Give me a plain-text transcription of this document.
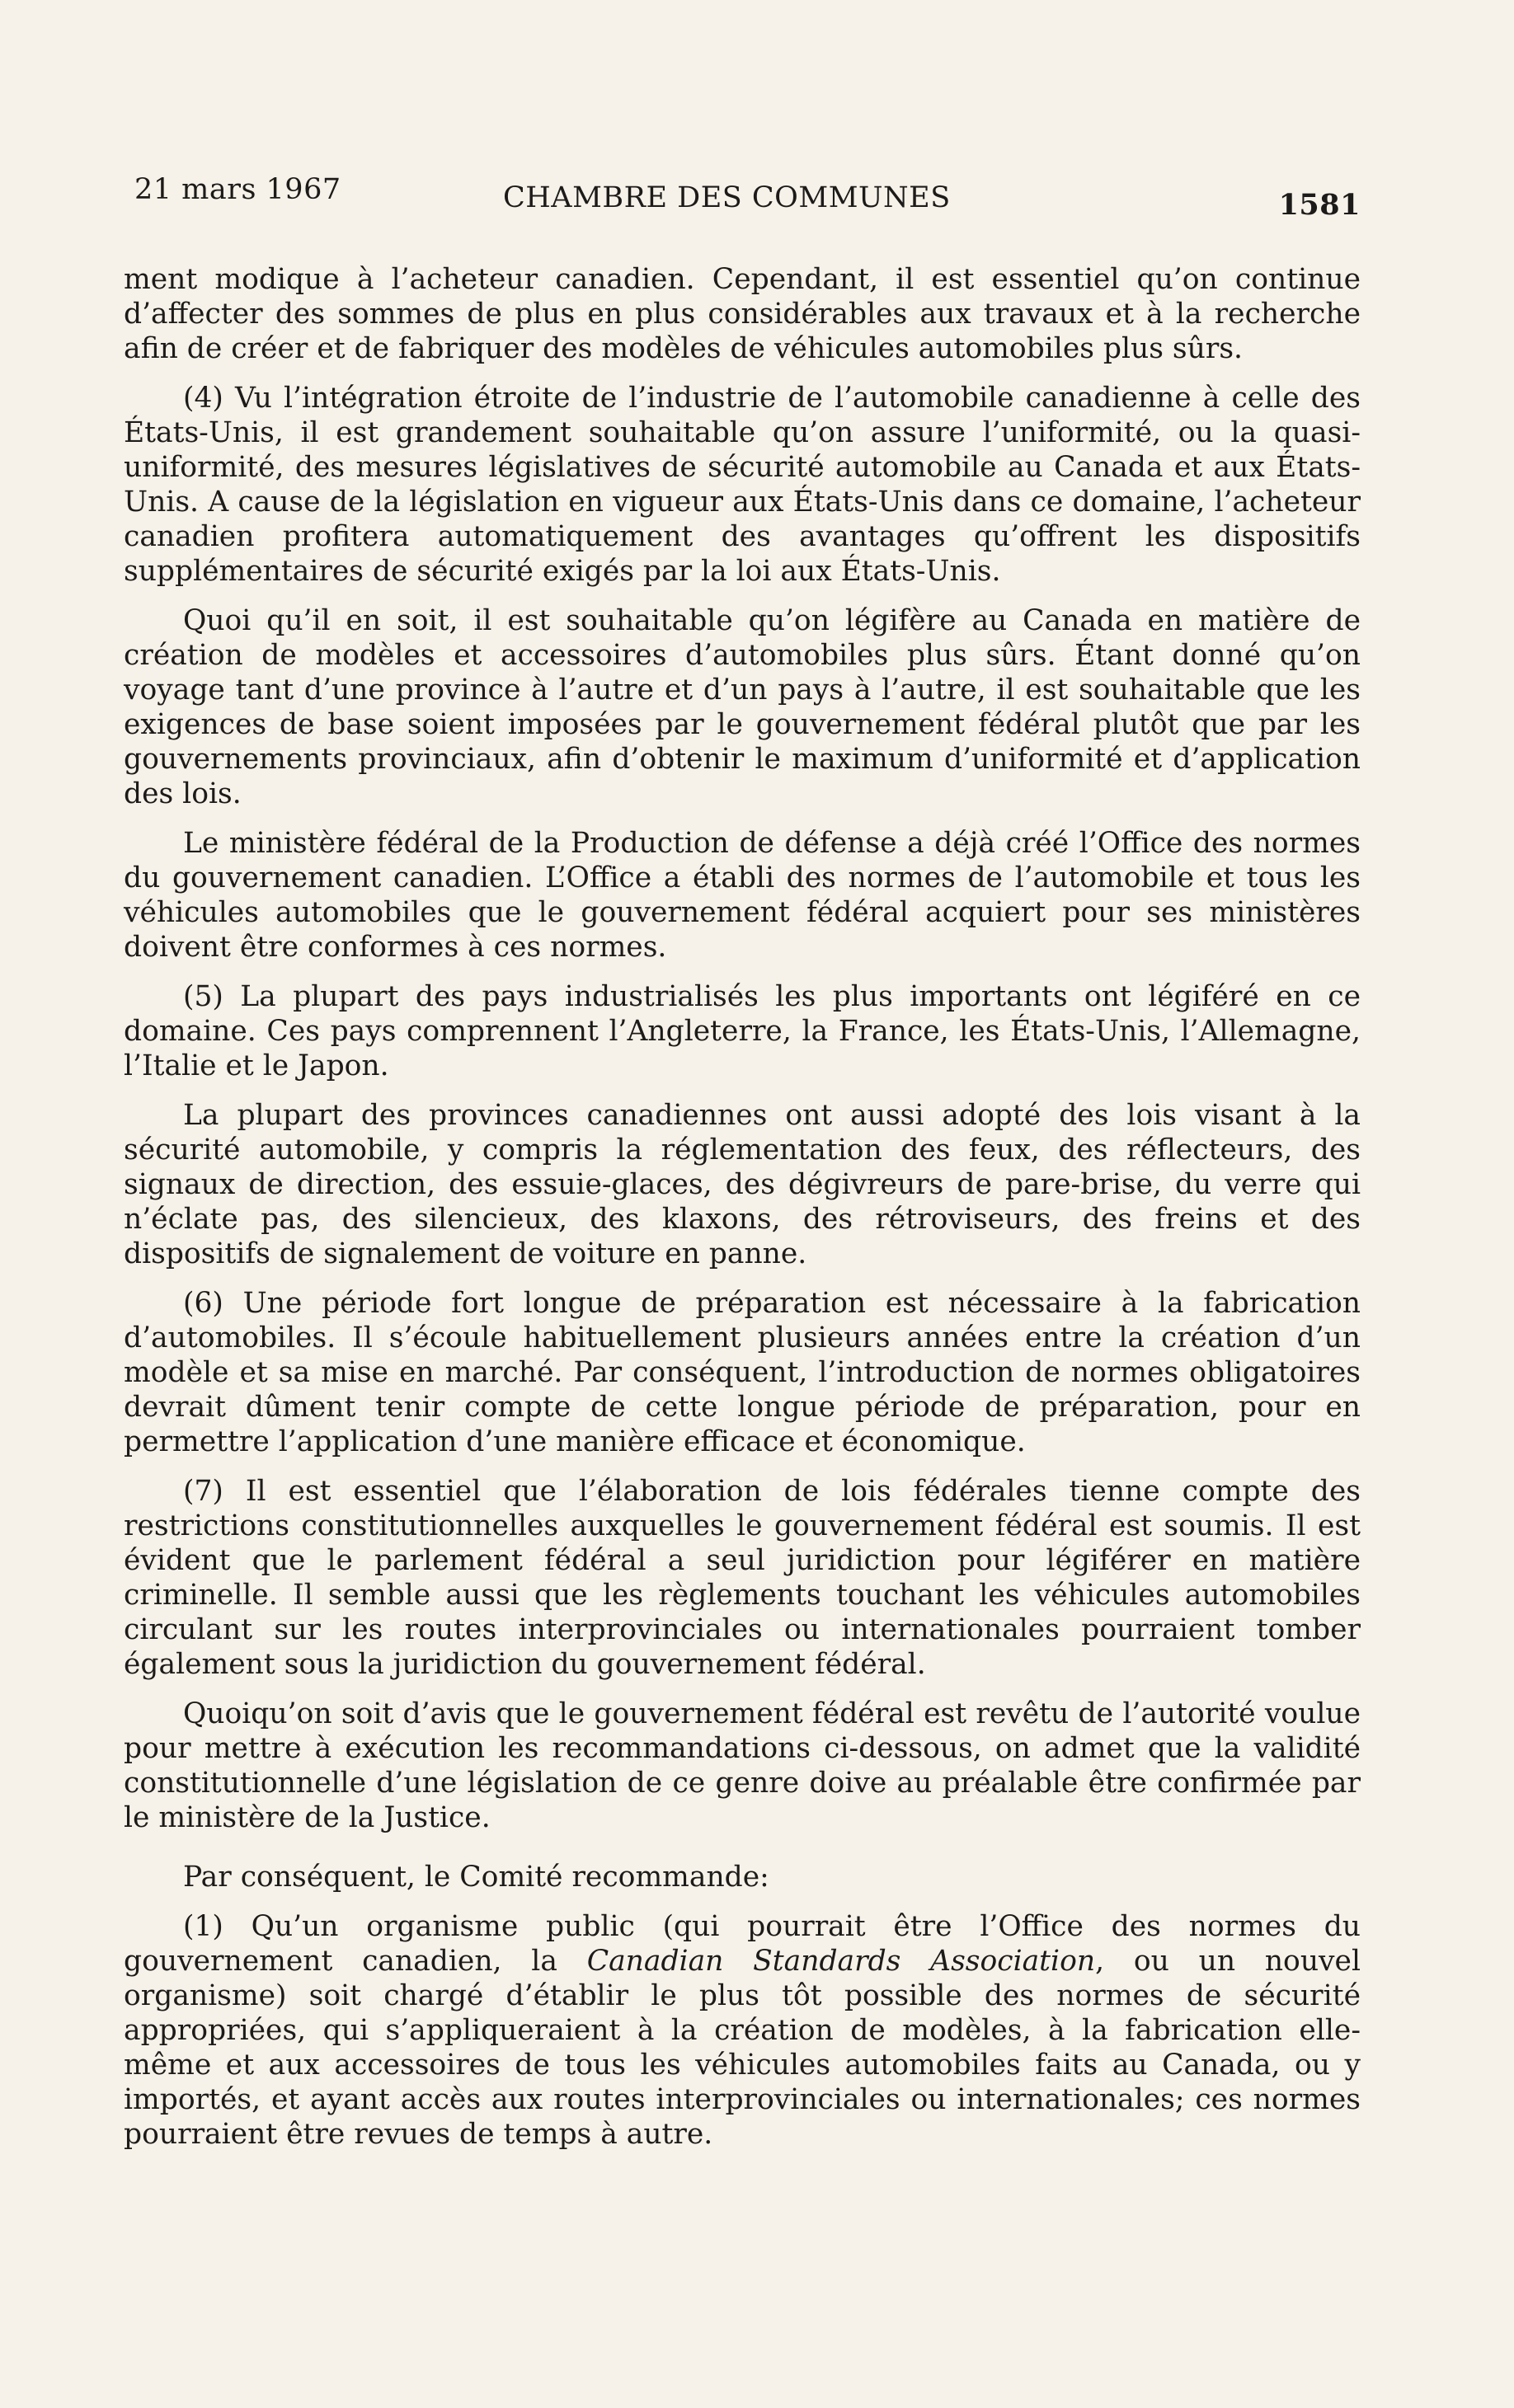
21 mars 1967	CHAMBRE DES COMMUNES	1581

ment modique à l’acheteur canadien. Cependant, il est essentiel qu’on continue d’affecter des sommes de plus en plus considérables aux travaux et à la recherche afin de créer et de fabriquer des modèles de véhicules automobiles plus sûrs.

(4) Vu l’intégration étroite de l’industrie de l’automobile canadienne à celle des États-Unis, il est grandement souhaitable qu’on assure l’uniformité, ou la quasi-uniformité, des mesures législatives de sécurité automobile au Canada et aux États-Unis. A cause de la législation en vigueur aux États-Unis dans ce domaine, l’acheteur canadien profitera automatiquement des avantages qu’offrent les dispositifs supplémentaires de sécurité exigés par la loi aux États-Unis.

Quoi qu’il en soit, il est souhaitable qu’on légifère au Canada en matière de création de modèles et accessoires d’automobiles plus sûrs. Étant donné qu’on voyage tant d’une province à l’autre et d’un pays à l’autre, il est souhaitable que les exigences de base soient imposées par le gouvernement fédéral plutôt que par les gouvernements provinciaux, afin d’obtenir le maximum d’uniformité et d’application des lois.

Le ministère fédéral de la Production de défense a déjà créé l’Office des normes du gouvernement canadien. L’Office a établi des normes de l’automobile et tous les véhicules automobiles que le gouvernement fédéral acquiert pour ses ministères doivent être conformes à ces normes.

(5) La plupart des pays industrialisés les plus importants ont légiféré en ce domaine. Ces pays comprennent l’Angleterre, la France, les États-Unis, l’Allemagne, l’Italie et le Japon.

La plupart des provinces canadiennes ont aussi adopté des lois visant à la sécurité automobile, y compris la réglementation des feux, des réflecteurs, des signaux de direction, des essuie-glaces, des dégivreurs de pare-brise, du verre qui n’éclate pas, des silencieux, des klaxons, des rétroviseurs, des freins et des dispositifs de signalement de voiture en panne.

(6) Une période fort longue de préparation est nécessaire à la fabrication d’automobiles. Il s’écoule habituellement plusieurs années entre la création d’un modèle et sa mise en marché. Par conséquent, l’introduction de normes obligatoires devrait dûment tenir compte de cette longue période de préparation, pour en permettre l’application d’une manière efficace et économique.

(7) Il est essentiel que l’élaboration de lois fédérales tienne compte des restrictions constitutionnelles auxquelles le gouvernement fédéral est soumis. Il est évident que le parlement fédéral a seul juridiction pour légiférer en matière criminelle. Il semble aussi que les règlements touchant les véhicules automobiles circulant sur les routes interprovinciales ou internationales pourraient tomber également sous la juridiction du gouvernement fédéral.

Quoiqu’on soit d’avis que le gouvernement fédéral est revêtu de l’autorité voulue pour mettre à exécution les recommandations ci-dessous, on admet que la validité constitutionnelle d’une législation de ce genre doive au préalable être confirmée par le ministère de la Justice.

Par conséquent, le Comité recommande:

(1) Qu’un organisme public (qui pourrait être l’Office des normes du gouvernement canadien, la Canadian Standards Association, ou un nouvel organisme) soit chargé d’établir le plus tôt possible des normes de sécurité appropriées, qui s’appliqueraient à la création de modèles, à la fabrication elle-même et aux accessoires de tous les véhicules automobiles faits au Canada, ou y importés, et ayant accès aux routes interprovinciales ou internationales; ces normes pourraient être revues de temps à autre.
